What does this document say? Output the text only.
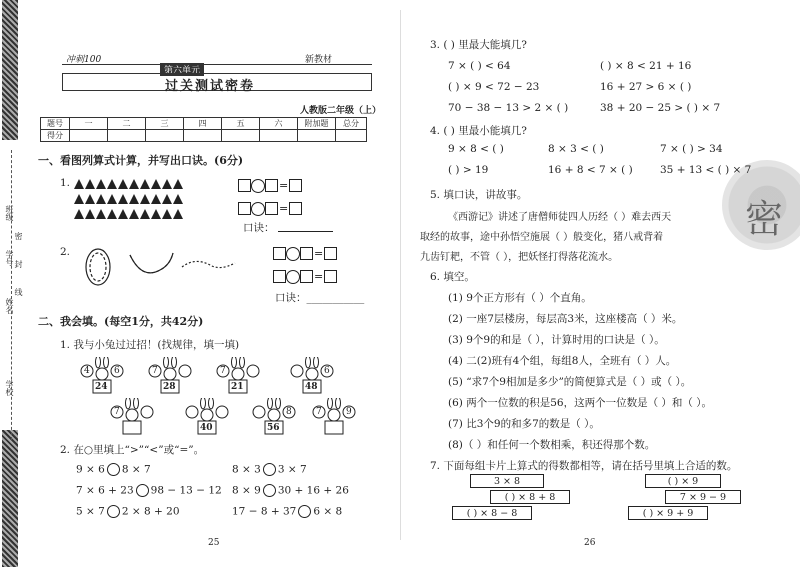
班级
姓名
学号
学校
密
封
线
冲刺100
第六单元
新教材
过关测试密卷
人教版二年级（上）
题号	一	二	三	四	五	六	附加题	总分
得分								
一、看图列算式计算，并写出口诀。(6分)
1.	=
=
口诀：
2.	=
=
口诀：___________
二、我会填。(每空1分，共42分)
1. 我与小兔过过招！(找规律，填一填)
4	6
24
7
28
7
21
6
48
7
40
8
56
7	9
2. 在○里填上“>”“<”或“=”。
9 × 6 8 × 7	8 × 3 3 × 7
7 × 6 + 23 98 − 13 − 12 8 × 9 30 + 16 + 26
5 × 7 2 × 8 + 20	17 − 8 + 37 6 × 8
25
密
3. ( ) 里最大能填几?
7 × ( ) < 64	( ) × 8 < 21 + 16
( ) × 9 < 72 − 23	16 + 27 > 6 × ( )
70 − 38 − 13 > 2 × ( )	38 + 20 − 25 > ( ) × 7
4. ( ) 里最小能填几?
9 × 8 < ( )	8 × 3 < ( )	7 × ( ) > 34
( ) > 19	16 + 8 < 7 × ( )	35 + 13 < ( ) × 7
5. 填口诀，讲故事。
《西游记》讲述了唐僧师徒四人历经（ ）难去西天
取经的故事，途中孙悟空施展（ ）般变化，猪八戒背着
九齿钉耙，不管（ ），把妖怪打得落花流水。
6. 填空。
(1) 9个正方形有（ ）个直角。
(2) 一座7层楼房，每层高3米，这座楼高（ ）米。
(3) 9个9的和是（ ），计算时用的口诀是（ ）。
(4) 二(2)班有4个组，每组8人，全班有（ ）人。
(5) “求7个9相加是多少”的简便算式是（ ）或（ ）。
(6) 两个一位数的积是56，这两个一位数是（ ）和（ ）。
(7) 比3个9的和多7的数是（ ）。
(8)（ ）和任何一个数相乘，积还得那个数。
7. 下面每组卡片上算式的得数都相等，请在括号里填上合适的数。
3 × 8
( ) × 8 + 8
( ) × 8 − 8
( ) × 9
7 × 9 − 9
( ) × 9 + 9
26
